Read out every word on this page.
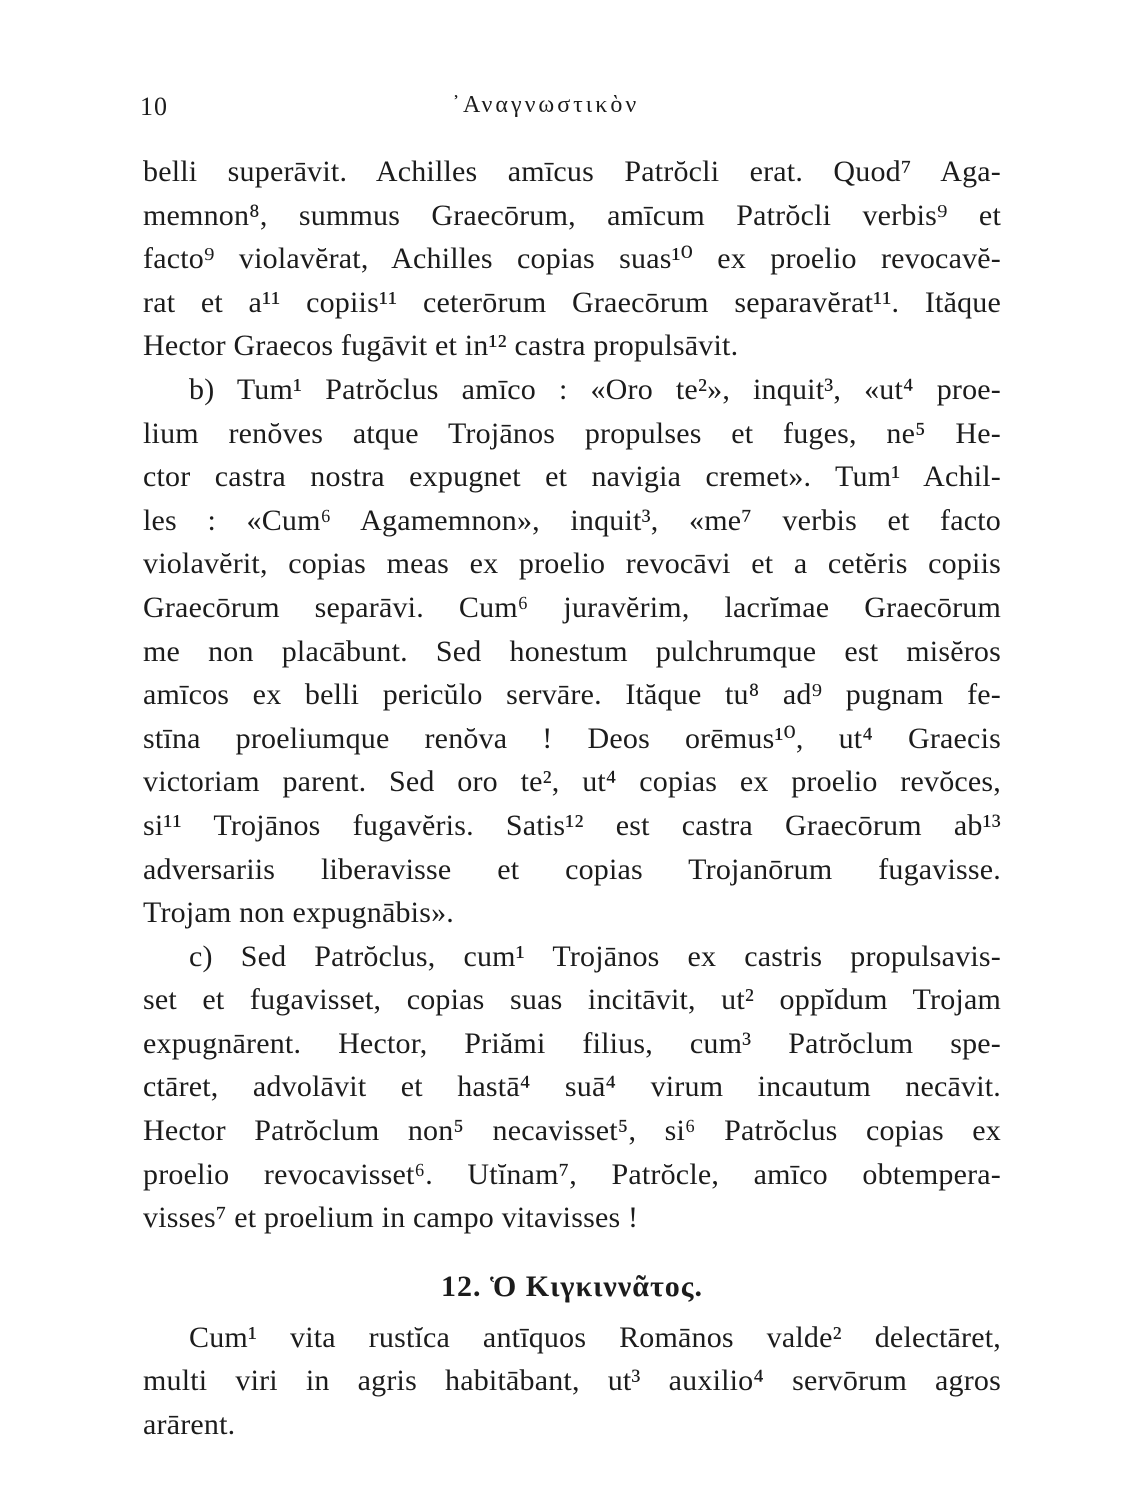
10	᾿Αναγνωστικὸν
belli superāvit. Achilles amīcus Patrŏcli erat. Quod⁷ Aga-
memnon⁸, summus Graecōrum, amīcum Patrŏcli verbis⁹ et
facto⁹ violavĕrat, Achilles copias suas¹⁰ ex proelio revocavĕ-
rat et a¹¹ copiis¹¹ ceterōrum Graecōrum separavĕrat¹¹. Ităque
Hector Graecos fugāvit et in¹² castra propulsāvit.
b) Tum¹ Patrŏclus amīco : «Oro te²», inquit³, «ut⁴ proe-
lium renŏves atque Trojānos propulses et fuges, ne⁵ He-
ctor castra nostra expugnet et navigia cremet». Tum¹ Achil-
les : «Cum⁶ Agamemnon», inquit³, «me⁷ verbis et facto
violavĕrit, copias meas ex proelio revocāvi et a cetĕris copiis
Graecōrum separāvi. Cum⁶ juravĕrim, lacrĭmae Graecōrum
me non placābunt. Sed honestum pulchrumque est misĕros
amīcos ex belli pericŭlo servāre. Ităque tu⁸ ad⁹ pugnam fe-
stīna proeliumque renŏva ! Deos orēmus¹⁰, ut⁴ Graecis
victoriam parent. Sed oro te², ut⁴ copias ex proelio revŏces,
si¹¹ Trojānos fugavĕris. Satis¹² est castra Graecōrum ab¹³
adversariis liberavisse et copias Trojanōrum fugavisse.
Trojam non expugnābis».
c) Sed Patrŏclus, cum¹ Trojānos ex castris propulsavis-
set et fugavisset, copias suas incitāvit, ut² oppĭdum Trojam
expugnārent. Hector, Priămi filius, cum³ Patrŏclum spe-
ctāret, advolāvit et hastā⁴ suā⁴ virum incautum necāvit.
Hector Patrŏclum non⁵ necavisset⁵, si⁶ Patrŏclus copias ex
proelio revocavisset⁶. Utĭnam⁷, Patrŏcle, amīco obtempera-
visses⁷ et proelium in campo vitavisses !
12. Ὁ Κιγκιννᾶτος.
Cum¹ vita rustĭca antīquos Romānos valde² delectāret,
multi viri in agris habitābant, ut³ auxilio⁴ servōrum agros
arārent.
